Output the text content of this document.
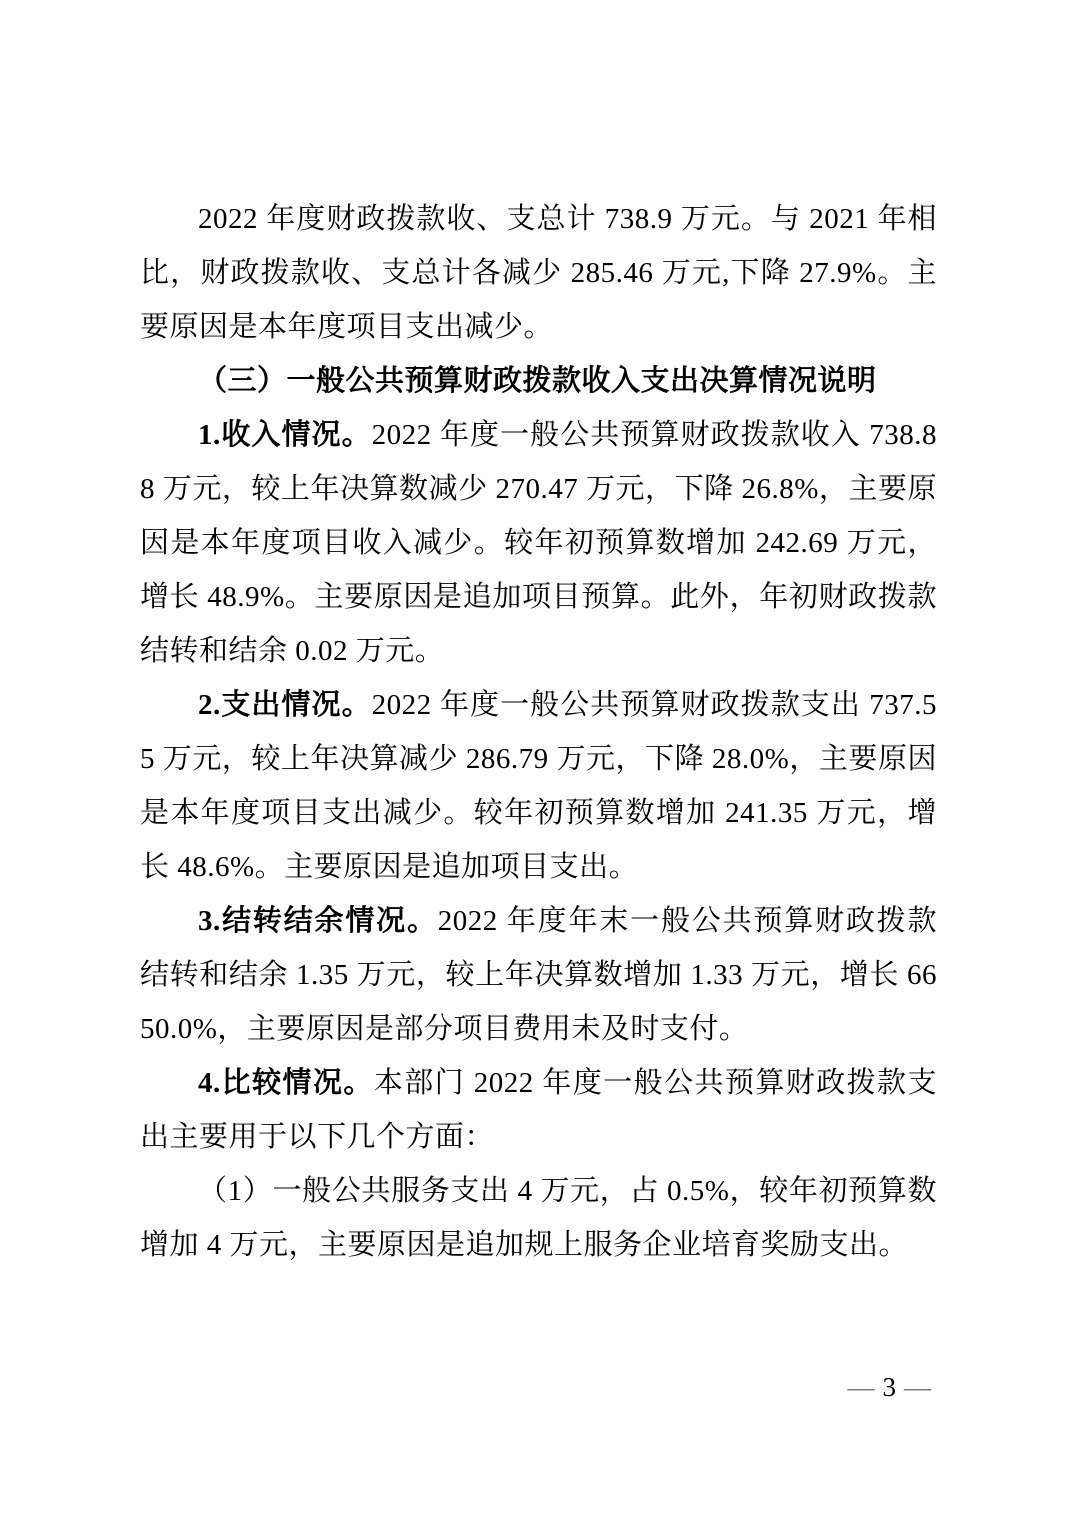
2022 年度财政拨款收、支总计 738.9 万元。与 2021 年相比，财政拨款收、支总计各减少 285.46 万元,下降 27.9%。主要原因是本年度项目支出减少。

（三）一般公共预算财政拨款收入支出决算情况说明

1.收入情况。2022 年度一般公共预算财政拨款收入 738.88 万元，较上年决算数减少 270.47 万元，下降 26.8%，主要原因是本年度项目收入减少。较年初预算数增加 242.69 万元，增长 48.9%。主要原因是追加项目预算。此外，年初财政拨款结转和结余 0.02 万元。

2.支出情况。2022 年度一般公共预算财政拨款支出 737.55 万元，较上年决算减少 286.79 万元，下降 28.0%，主要原因是本年度项目支出减少。较年初预算数增加 241.35 万元，增长 48.6%。主要原因是追加项目支出。

3.结转结余情况。2022 年度年末一般公共预算财政拨款结转和结余 1.35 万元，较上年决算数增加 1.33 万元，增长 6650.0%，主要原因是部分项目费用未及时支付。

4.比较情况。本部门 2022 年度一般公共预算财政拨款支出主要用于以下几个方面：

（1）一般公共服务支出 4 万元，占 0.5%，较年初预算数增加 4 万元，主要原因是追加规上服务企业培育奖励支出。

— 3 —
